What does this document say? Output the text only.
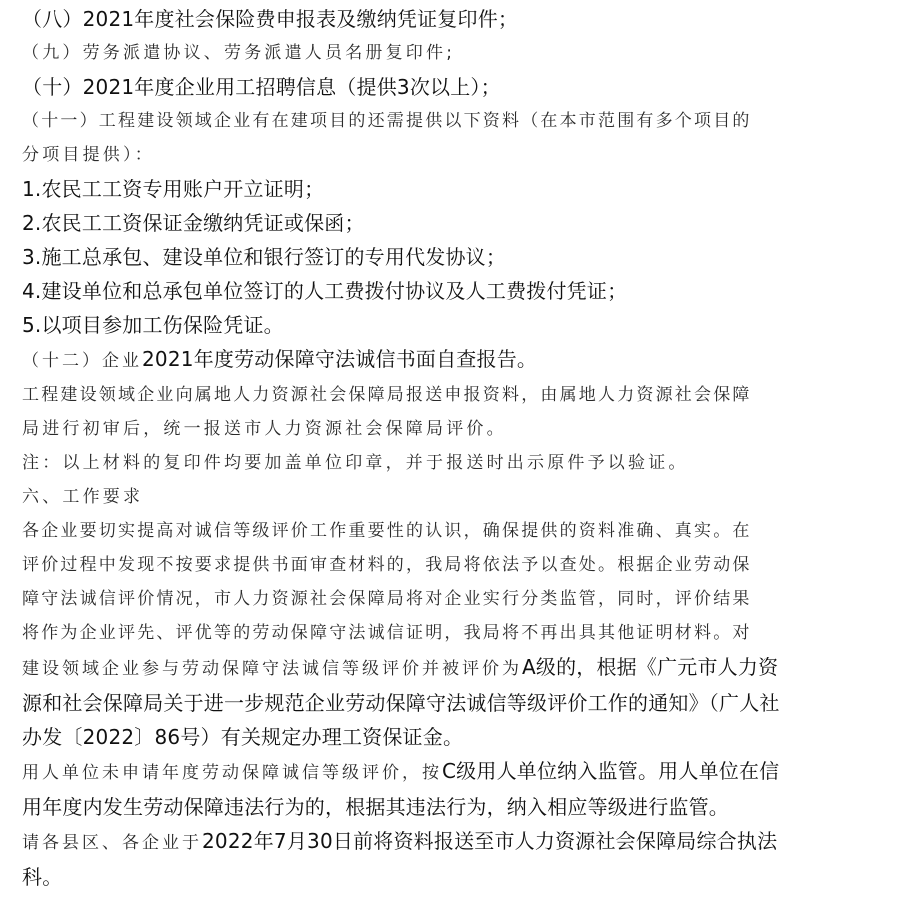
（八）2021年度社会保险费申报表及缴纳凭证复印件；
（九）劳务派遣协议、劳务派遣人员名册复印件;
（十）2021年度企业用工招聘信息（提供3次以上）；
（十一）工程建设领域企业有在建项目的还需提供以下资料（在本市范围有多个项目的
分项目提供）：
1.农民工工资专用账户开立证明；
2.农民工工资保证金缴纳凭证或保函；
3.施工总承包、建设单位和银行签订的专用代发协议；
4.建设单位和总承包单位签订的人工费拨付协议及人工费拨付凭证；
5.以项目参加工伤保险凭证。
（十二）企业2021年度劳动保障守法诚信书面自查报告。
工程建设领域企业向属地人力资源社会保障局报送申报资料，由属地人力资源社会保障
局进行初审后，统一报送市人力资源社会保障局评价。
注：以上材料的复印件均要加盖单位印章，并于报送时出示原件予以验证。
六、工作要求
各企业要切实提高对诚信等级评价工作重要性的认识，确保提供的资料准确、真实。在
评价过程中发现不按要求提供书面审查材料的，我局将依法予以查处。根据企业劳动保
障守法诚信评价情况，市人力资源社会保障局将对企业实行分类监管，同时，评价结果
将作为企业评先、评优等的劳动保障守法诚信证明，我局将不再出具其他证明材料。对
建设领域企业参与劳动保障守法诚信等级评价并被评价为A级的，根据《广元市人力资
源和社会保障局关于进一步规范企业劳动保障守法诚信等级评价工作的通知》（广人社
办发〔2022〕86号）有关规定办理工资保证金。
用人单位未申请年度劳动保障诚信等级评价，按C级用人单位纳入监管。用人单位在信
用年度内发生劳动保障违法行为的，根据其违法行为，纳入相应等级进行监管。
请各县区、各企业于2022年7月30日前将资料报送至市人力资源社会保障局综合执法
科。
